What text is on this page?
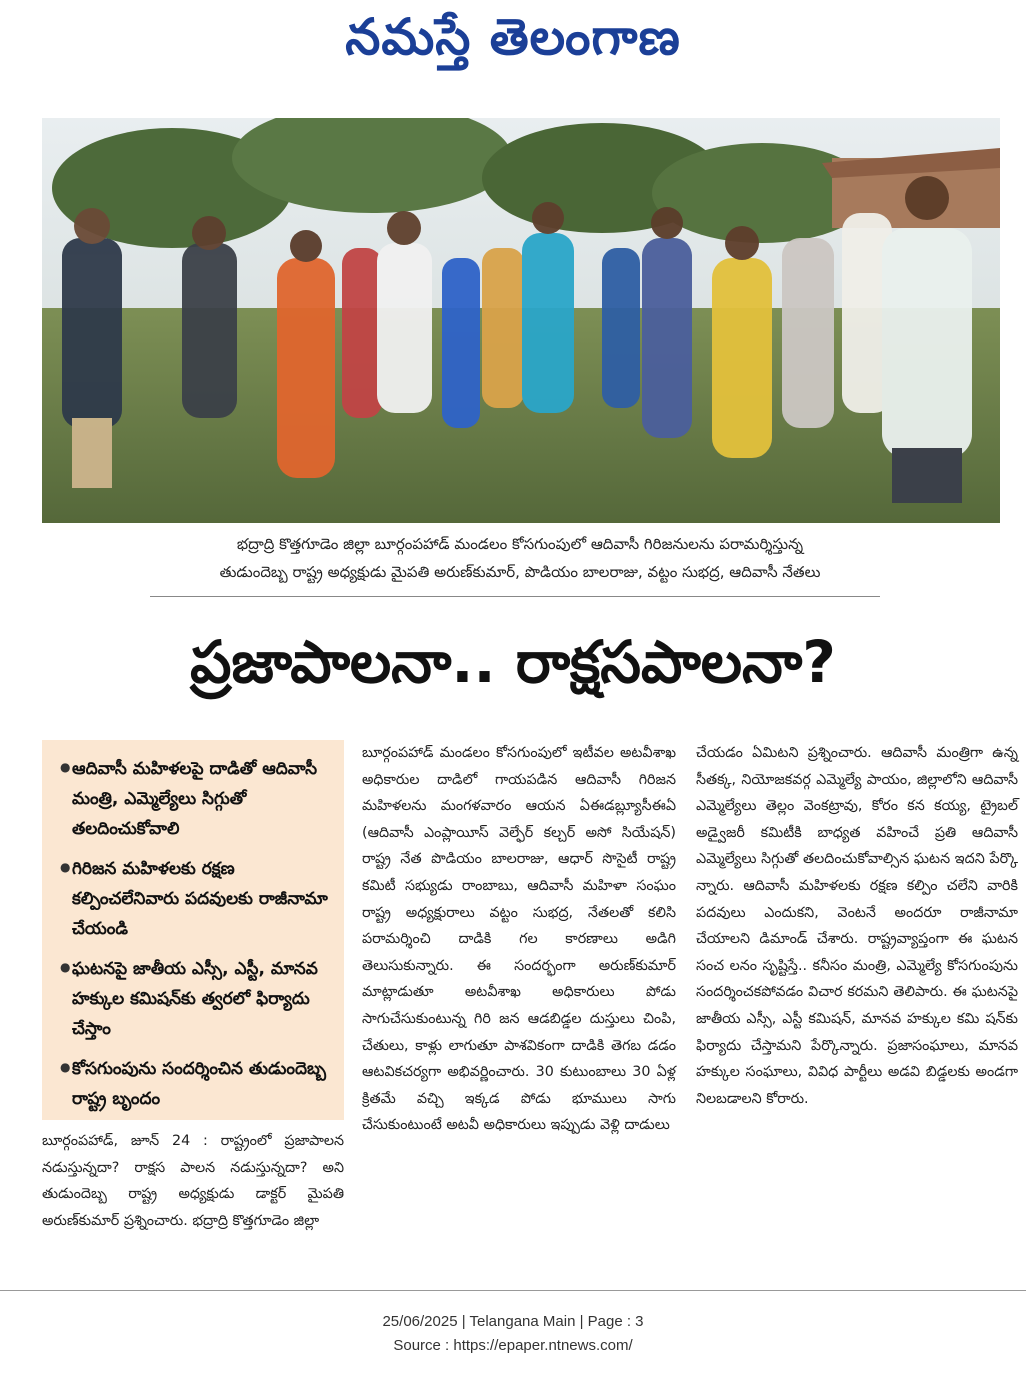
నమస్తే తెలంగాణ
భద్రాద్రి కొత్తగూడెం జిల్లా బూర్గంపహాడ్ మండలం కోసగుంపులో ఆదివాసీ గిరిజనులను పరామర్శిస్తున్న
తుడుందెబ్బ రాష్ట్ర అధ్యక్షుడు మైపతి అరుణ్‌కుమార్, పొడియం బాలరాజు, వట్టం సుభద్ర, ఆదివాసీ నేతలు
ప్రజాపాలనా.. రాక్షసపాలనా?
● ఆదివాసీ మహిళలపై దాడితో ఆదివాసీ మంత్రి, ఎమ్మెల్యేలు సిగ్గుతో తలదించుకోవాలి
● గిరిజన మహిళలకు రక్షణ కల్పించలేనివారు పదవులకు రాజీనామా చేయండి
● ఘటనపై జాతీయ ఎస్సీ, ఎస్టీ, మానవ హక్కుల కమిషన్‌కు త్వరలో ఫిర్యాదు చేస్తాం
● కోసగుంపును సందర్శించిన తుడుందెబ్బ రాష్ట్ర బృందం
బూర్గంపహాడ్, జూన్ 24 : రాష్ట్రంలో ప్రజాపాలన నడుస్తున్నదా? రాక్షస పాలన నడుస్తున్నదా? అని తుడుందెబ్బ రాష్ట్ర అధ్యక్షుడు డాక్టర్ మైపతి అరుణ్‌కుమార్ ప్రశ్నించారు. భద్రాద్రి కొత్తగూడెం జిల్లా
బూర్గంపహాడ్ మండలం కోసగుంపులో ఇటీవల అటవీశాఖ అధికారుల దాడిలో గాయపడిన ఆదివాసీ గిరిజన మహిళలను మంగళవారం ఆయన ఏఈడబ్ల్యూసీఈఏ (ఆదివాసీ ఎంప్లాయీస్ వెల్ఫేర్ కల్చర్ అసో సియేషన్) రాష్ట్ర నేత పొడియం బాలరాజు, ఆధార్ సొసైటీ రాష్ట్ర కమిటీ సభ్యుడు రాంబాబు, ఆదివాసీ మహిళా సంఘం రాష్ట్ర అధ్యక్షురాలు వట్టం సుభద్ర, నేతలతో కలిసి పరామర్శించి దాడికి గల కారణాలు అడిగి తెలుసుకున్నారు. ఈ సందర్భంగా అరుణ్‌కుమార్ మాట్లాడుతూ అటవీశాఖ అధికారులు పోడు సాగుచేసుకుంటున్న గిరి జన ఆడబిడ్డల దుస్తులు చింపి, చేతులు, కాళ్లు లాగుతూ పాశవికంగా దాడికి తెగబ డడం ఆటవికచర్యగా అభివర్ణించారు. 30 కుటుంబాలు 30 ఏళ్ల క్రితమే వచ్చి ఇక్కడ పోడు భూములు సాగు చేసుకుంటుంటే అటవీ అధికారులు ఇప్పుడు వెళ్లి దాడులు
చేయడం ఏమిటని ప్రశ్నించారు. ఆదివాసీ మంత్రిగా ఉన్న సీతక్క, నియోజకవర్గ ఎమ్మెల్యే పాయం, జిల్లాలోని ఆదివాసీ ఎమ్మెల్యేలు తెల్లం వెంకట్రావు, కోరం కన కయ్య, ట్రైబల్ అడ్వైజరీ కమిటీకి బాధ్యత వహించే ప్రతి ఆదివాసీ ఎమ్మెల్యేలు సిగ్గుతో తలదించుకోవాల్సిన ఘటన ఇదని పేర్కొ న్నారు. ఆదివాసీ మహిళలకు రక్షణ కల్పిం చలేని వారికి పదవులు ఎందుకని, వెంటనే అందరూ రాజీనామా చేయాలని డిమాండ్ చేశారు. రాష్ట్రవ్యాప్తంగా ఈ ఘటన సంచ లనం సృష్టిస్తే.. కనీసం మంత్రి, ఎమ్మెల్యే కోసగుంపును సందర్శించకపోవడం విచార కరమని తెలిపారు. ఈ ఘటనపై జాతీయ ఎస్సీ, ఎస్టీ కమిషన్, మానవ హక్కుల కమి షన్‌కు ఫిర్యాదు చేస్తామని పేర్కొన్నారు. ప్రజాసంఘాలు, మానవ హక్కుల సంఘాలు, వివిధ పార్టీలు అడవి బిడ్డలకు అండగా నిలబడాలని కోరారు.
25/06/2025 | Telangana Main | Page : 3
Source : https://epaper.ntnews.com/
